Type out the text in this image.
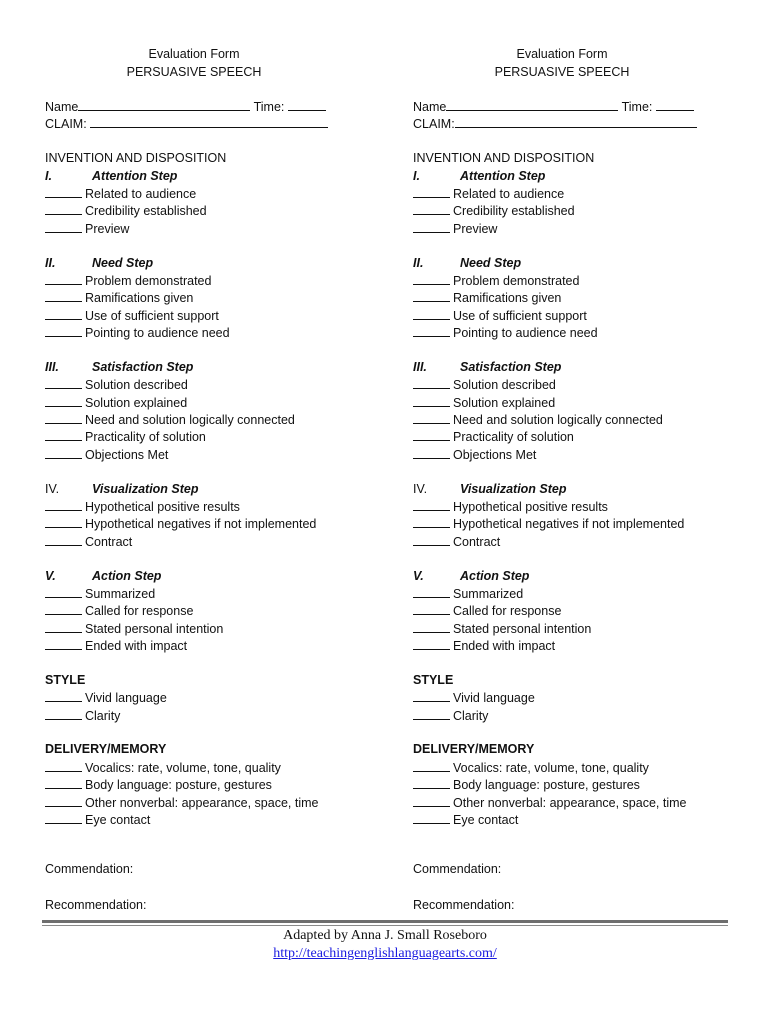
Evaluation Form
PERSUASIVE SPEECH
Name	Time:
CLAIM:
INVENTION AND DISPOSITION
I.	Attention Step
Related to audience
Credibility established
Preview
II.	Need Step
Problem demonstrated
Ramifications given
Use of sufficient support
Pointing to audience need
III.	Satisfaction Step
Solution described
Solution explained
Need and solution logically connected
Practicality of solution
Objections Met
IV.	Visualization Step
Hypothetical positive results
Hypothetical negatives if not implemented
Contract
V.	Action Step
Summarized
Called for response
Stated personal intention
Ended with impact
STYLE
Vivid language
Clarity
DELIVERY/MEMORY
Vocalics: rate, volume, tone, quality
Body language: posture, gestures
Other nonverbal: appearance, space, time
Eye contact
Evaluation Form
PERSUASIVE SPEECH
Name	Time:
CLAIM:
INVENTION AND DISPOSITION
I.	Attention Step
Related to audience
Credibility established
Preview
II.	Need Step
Problem demonstrated
Ramifications given
Use of sufficient support
Pointing to audience need
III.	Satisfaction Step
Solution described
Solution explained
Need and solution logically connected
Practicality of solution
Objections Met
IV.	Visualization Step
Hypothetical positive results
Hypothetical negatives if not implemented
Contract
V.	Action Step
Summarized
Called for response
Stated personal intention
Ended with impact
STYLE
Vivid language
Clarity
DELIVERY/MEMORY
Vocalics: rate, volume, tone, quality
Body language: posture, gestures
Other nonverbal: appearance, space, time
Eye contact
Commendation:	Commendation:
Recommendation:	Recommendation:
Adapted by Anna J. Small Roseboro
http://teachingenglishlanguagearts.com/
